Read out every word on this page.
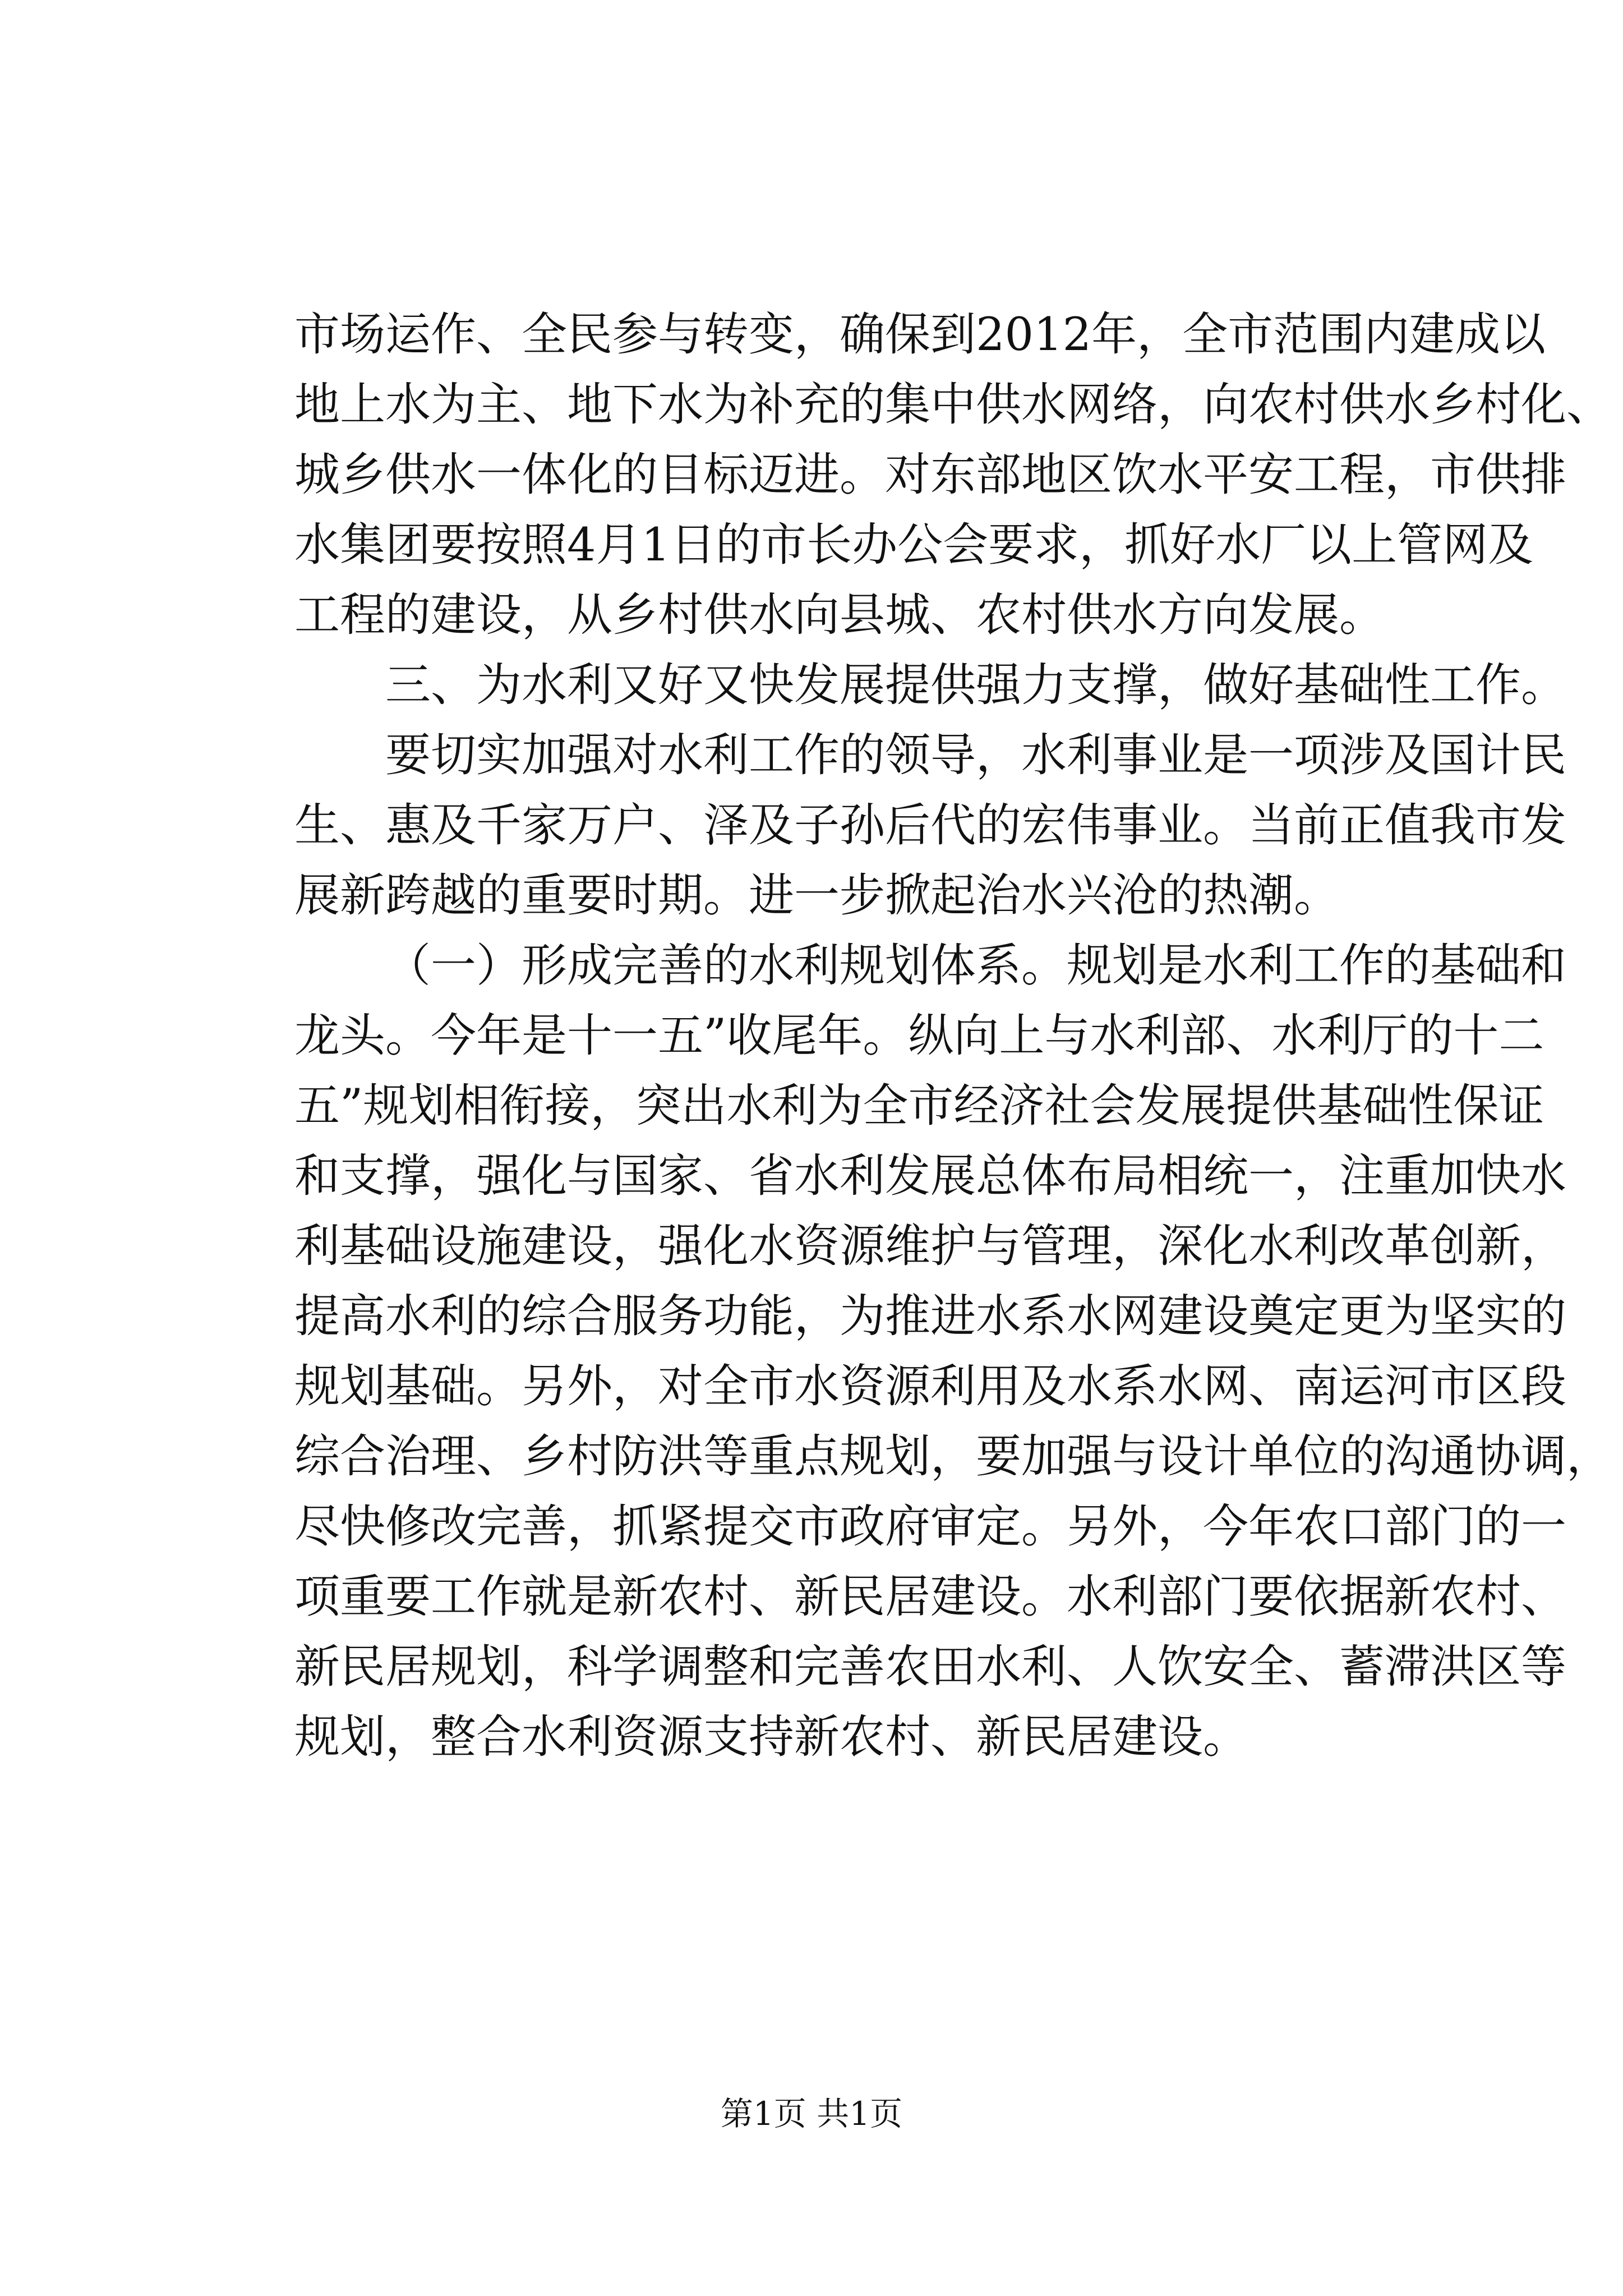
市场运作、全民参与转变，确保到2012年，全市范围内建成以
地上水为主、地下水为补充的集中供水网络，向农村供水乡村化、
城乡供水一体化的目标迈进。对东部地区饮水平安工程，市供排
水集团要按照4月1日的市长办公会要求，抓好水厂以上管网及
工程的建设，从乡村供水向县城、农村供水方向发展。
三、为水利又好又快发展提供强力支撑，做好基础性工作。
要切实加强对水利工作的领导，水利事业是一项涉及国计民
生、惠及千家万户、泽及子孙后代的宏伟事业。当前正值我市发
展新跨越的重要时期。进一步掀起治水兴沧的热潮。
（一）形成完善的水利规划体系。规划是水利工作的基础和
龙头。今年是十一五”收尾年。纵向上与水利部、水利厅的十二
五”规划相衔接，突出水利为全市经济社会发展提供基础性保证
和支撑，强化与国家、省水利发展总体布局相统一，注重加快水
利基础设施建设，强化水资源维护与管理，深化水利改革创新，
提高水利的综合服务功能，为推进水系水网建设奠定更为坚实的
规划基础。另外，对全市水资源利用及水系水网、南运河市区段
综合治理、乡村防洪等重点规划，要加强与设计单位的沟通协调，
尽快修改完善，抓紧提交市政府审定。另外，今年农口部门的一
项重要工作就是新农村、新民居建设。水利部门要依据新农村、
新民居规划，科学调整和完善农田水利、人饮安全、蓄滞洪区等
规划，整合水利资源支持新农村、新民居建设。
第1页 共1页
